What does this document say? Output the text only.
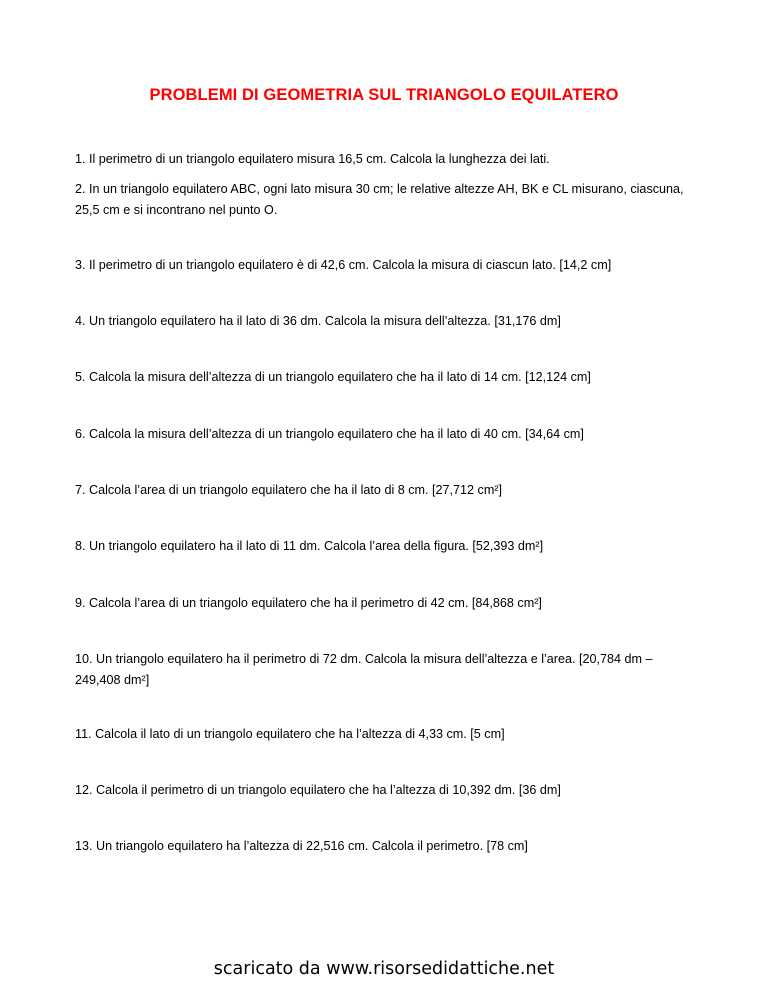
PROBLEMI DI GEOMETRIA SUL TRIANGOLO EQUILATERO
1. Il perimetro di un triangolo equilatero misura 16,5 cm. Calcola la lunghezza dei lati.
2. In un triangolo equilatero ABC, ogni lato misura 30 cm; le relative altezze AH, BK e CL misurano, ciascuna, 25,5 cm e si incontrano nel punto O.
3. Il perimetro di un triangolo equilatero è di 42,6 cm. Calcola la misura di ciascun lato. [14,2 cm]
4. Un triangolo equilatero ha il lato di 36 dm. Calcola la misura dell’altezza. [31,176 dm]
5. Calcola la misura dell’altezza di un triangolo equilatero che ha il lato di 14 cm. [12,124 cm]
6. Calcola la misura dell’altezza di un triangolo equilatero che ha il lato di 40 cm. [34,64 cm]
7. Calcola l’area di un triangolo equilatero che ha il lato di 8 cm. [27,712 cm²]
8. Un triangolo equilatero ha il lato di 11 dm. Calcola l’area della figura. [52,393 dm²]
9. Calcola l’area di un triangolo equilatero che ha il perimetro di 42 cm. [84,868 cm²]
10. Un triangolo equilatero ha il perimetro di 72 dm. Calcola la misura dell’altezza e l’area. [20,784 dm – 249,408 dm²]
11. Calcola il lato di un triangolo equilatero che ha l’altezza di 4,33 cm. [5 cm]
12. Calcola il perimetro di un triangolo equilatero che ha l’altezza di 10,392 dm. [36 dm]
13. Un triangolo equilatero ha l’altezza di 22,516 cm. Calcola il perimetro. [78 cm]
scaricato da www.risorsedidattiche.net
